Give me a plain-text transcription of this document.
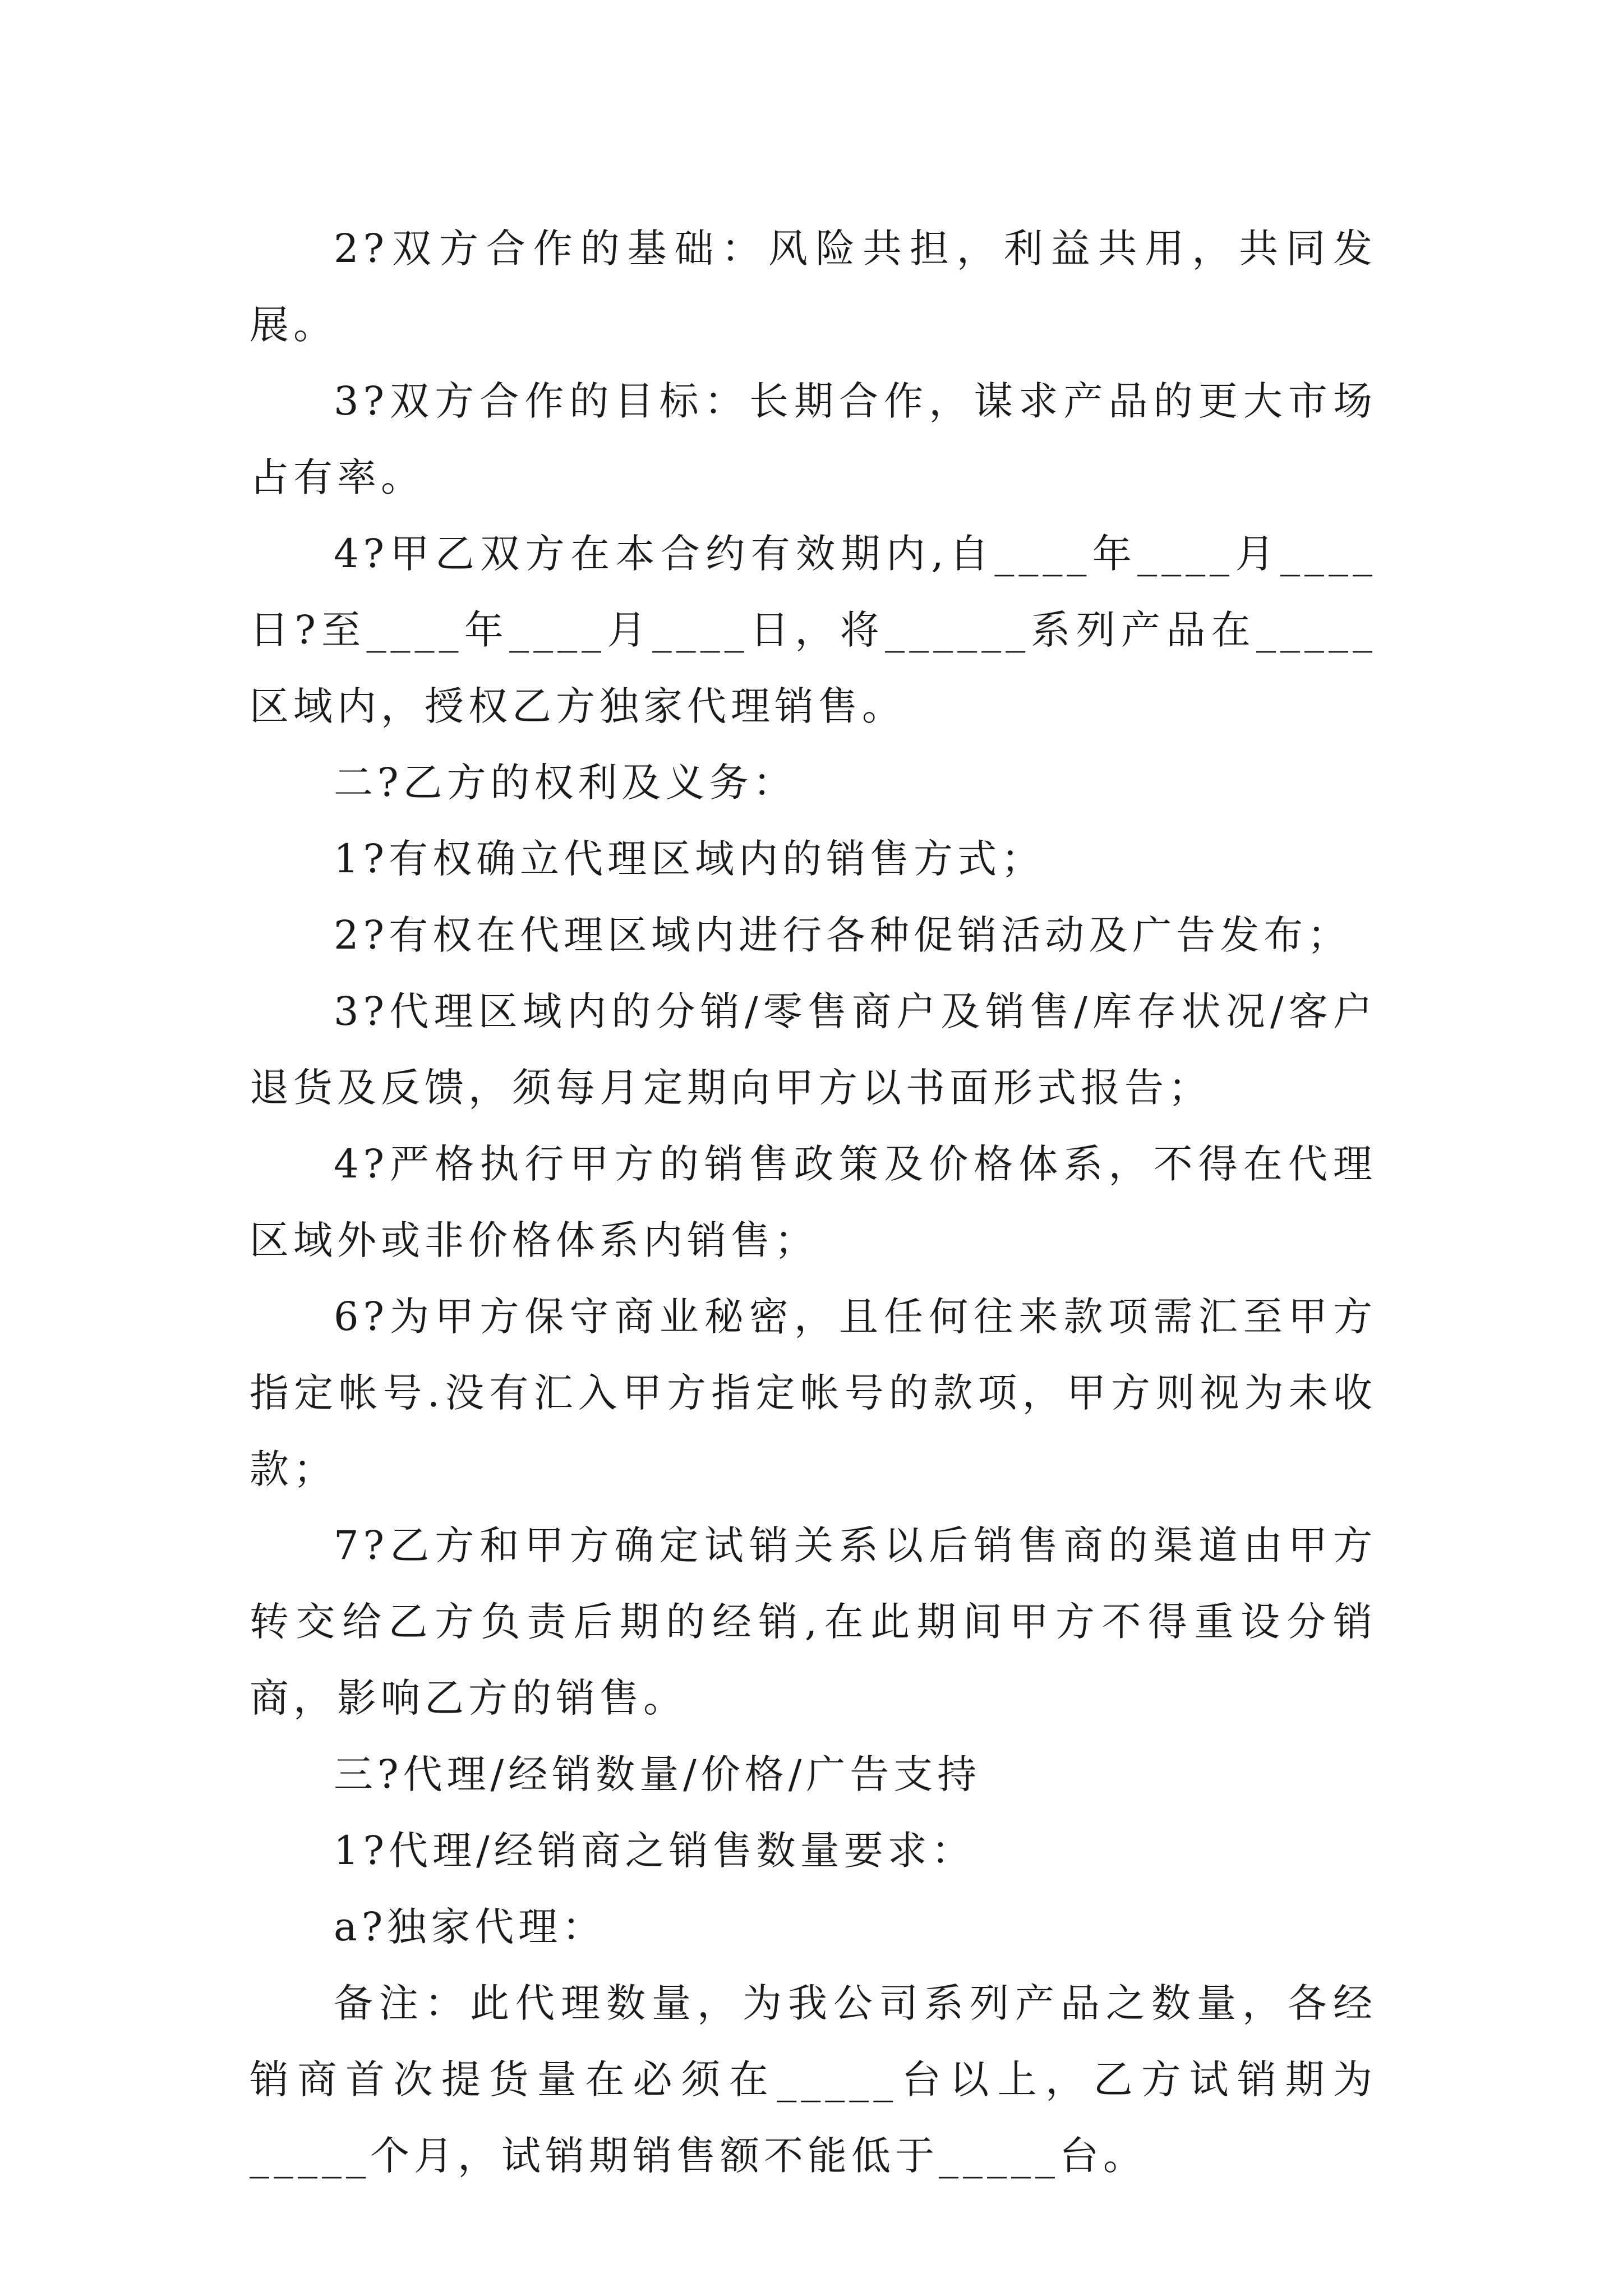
2?双方合作的基础：风险共担，利益共用，共同发展。

3?双方合作的目标：长期合作，谋求产品的更大市场占有率。

4?甲乙双方在本合约有效期内,自____年____月____日?至____年____月____日，将______系列产品在_____区域内，授权乙方独家代理销售。

二?乙方的权利及义务：

1?有权确立代理区域内的销售方式；

2?有权在代理区域内进行各种促销活动及广告发布；

3?代理区域内的分销/零售商户及销售/库存状况/客户退货及反馈，须每月定期向甲方以书面形式报告；

4?严格执行甲方的销售政策及价格体系，不得在代理区域外或非价格体系内销售；

6?为甲方保守商业秘密，且任何往来款项需汇至甲方指定帐号.没有汇入甲方指定帐号的款项，甲方则视为未收款；

7?乙方和甲方确定试销关系以后销售商的渠道由甲方转交给乙方负责后期的经销,在此期间甲方不得重设分销商，影响乙方的销售。

三?代理/经销数量/价格/广告支持

1?代理/经销商之销售数量要求：

a?独家代理：

备注：此代理数量，为我公司系列产品之数量，各经销商首次提货量在必须在_____台以上，乙方试销期为_____个月，试销期销售额不能低于_____台。
